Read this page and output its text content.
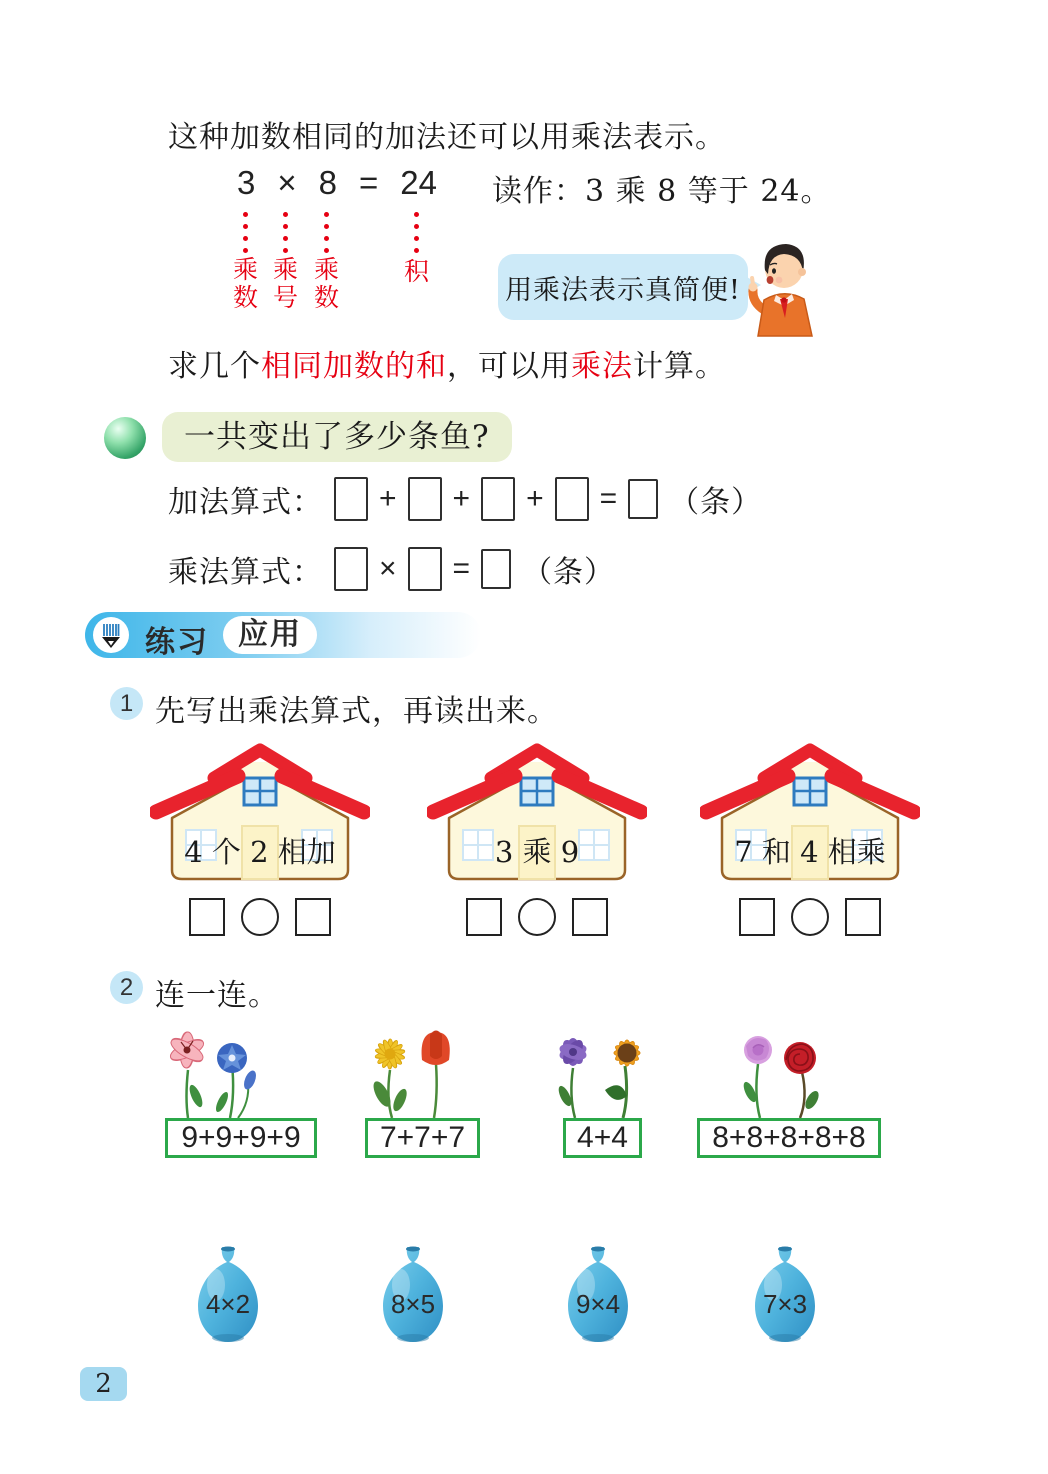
这种加数相同的加法还可以用乘法表示。
3 × 8 = 24 读作：3 乘 8 等于 24。
乘数
乘号
乘数
积
用乘法表示真简便!
求几个相同加数的和，可以用乘法计算。
一共变出了多少条鱼?
加法算式： + + + = （条）
乘法算式： × = （条）
练习 应用
1 先写出乘法算式，再读出来。
4 个 2 相加	3 乘 9	7 和 4 相乘
2 连一连。
9+9+9+9	7+7+7	4+4	8+8+8+8+8
4×2	8×5	9×4	7×3
2
